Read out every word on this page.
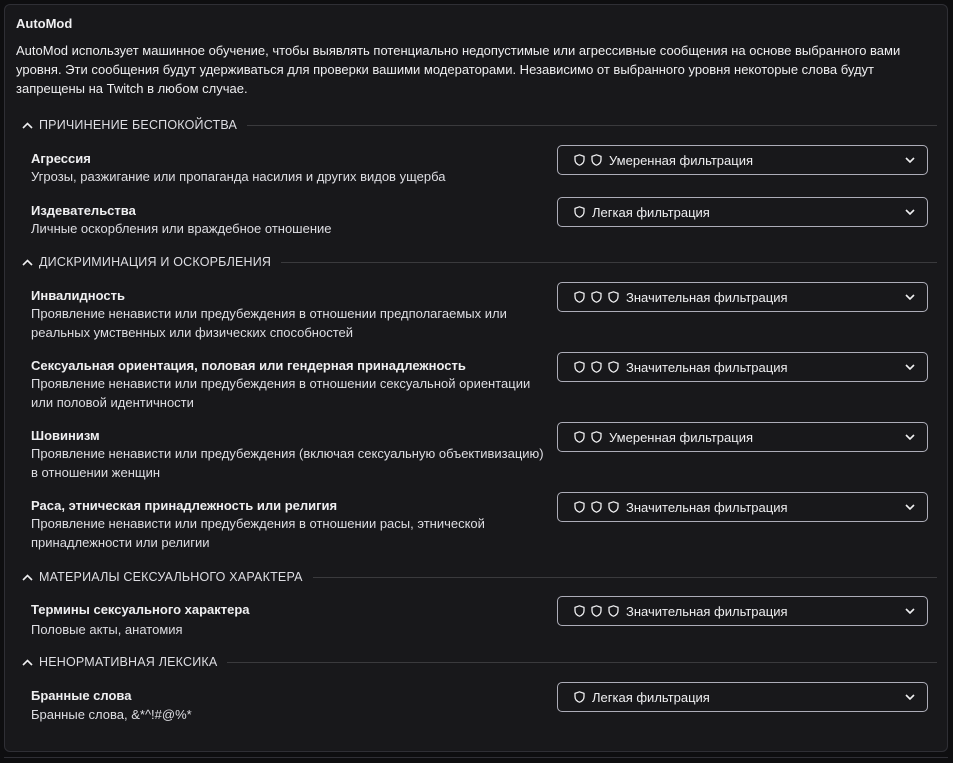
AutoMod
AutoMod использует машинное обучение, чтобы выявлять потенциально недопустимые или агрессивные сообщения на основе выбранного вами уровня. Эти сообщения будут удерживаться для проверки вашими модераторами. Независимо от выбранного уровня некоторые слова будут запрещены на Twitch в любом случае.
ПРИЧИНЕНИЕ БЕСПОКОЙСТВА
Агрессия
Угрозы, разжигание или пропаганда насилия и других видов ущерба
Умеренная фильтрация
Издевательства
Личные оскорбления или враждебное отношение
Легкая фильтрация
ДИСКРИМИНАЦИЯ И ОСКОРБЛЕНИЯ
Инвалидность
Проявление ненависти или предубеждения в отношении предполагаемых или реальных умственных или физических способностей
Значительная фильтрация
Сексуальная ориентация, половая или гендерная принадлежность
Проявление ненависти или предубеждения в отношении сексуальной ориентации или половой идентичности
Значительная фильтрация
Шовинизм
Проявление ненависти или предубеждения (включая сексуальную объективизацию) в отношении женщин
Умеренная фильтрация
Раса, этническая принадлежность или религия
Проявление ненависти или предубеждения в отношении расы, этнической принадлежности или религии
Значительная фильтрация
МАТЕРИАЛЫ СЕКСУАЛЬНОГО ХАРАКТЕРА
Термины сексуального характера
Половые акты, анатомия
Значительная фильтрация
НЕНОРМАТИВНАЯ ЛЕКСИКА
Бранные слова
Бранные слова, &*^!#@%*
Легкая фильтрация
